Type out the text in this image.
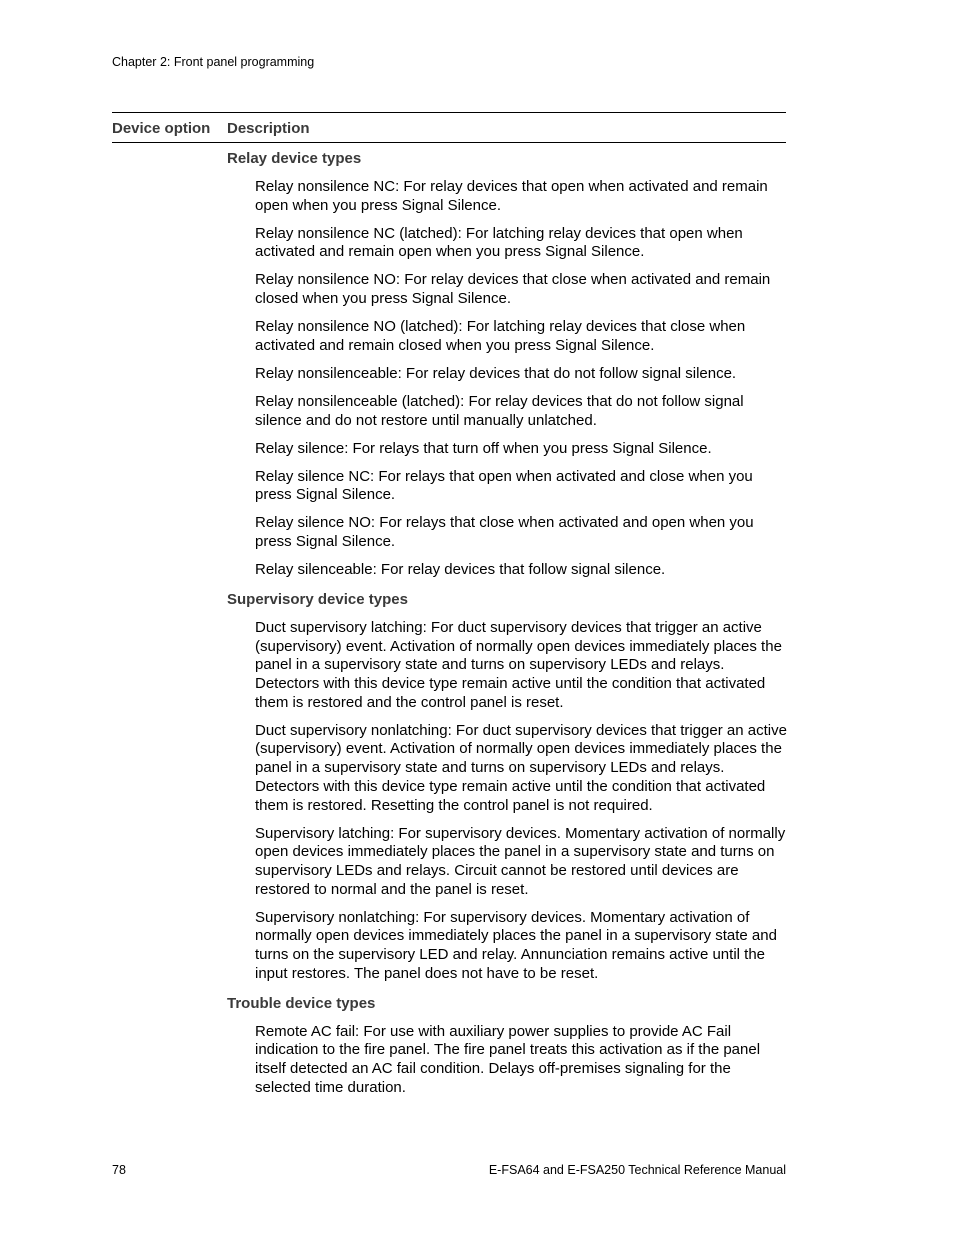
Chapter 2: Front panel programming
Device option Description
Relay device types

Relay nonsilence NC: For relay devices that open when activated and remain open when you press Signal Silence.

Relay nonsilence NC (latched): For latching relay devices that open when activated and remain open when you press Signal Silence.

Relay nonsilence NO: For relay devices that close when activated and remain closed when you press Signal Silence.

Relay nonsilence NO (latched): For latching relay devices that close when activated and remain closed when you press Signal Silence.

Relay nonsilenceable: For relay devices that do not follow signal silence.

Relay nonsilenceable (latched): For relay devices that do not follow signal silence and do not restore until manually unlatched.

Relay silence: For relays that turn off when you press Signal Silence.

Relay silence NC: For relays that open when activated and close when you press Signal Silence.

Relay silence NO: For relays that close when activated and open when you press Signal Silence.

Relay silenceable: For relay devices that follow signal silence.

Supervisory device types

Duct supervisory latching: For duct supervisory devices that trigger an active (supervisory) event. Activation of normally open devices immediately places the panel in a supervisory state and turns on supervisory LEDs and relays. Detectors with this device type remain active until the condition that activated them is restored and the control panel is reset.

Duct supervisory nonlatching: For duct supervisory devices that trigger an active (supervisory) event. Activation of normally open devices immediately places the panel in a supervisory state and turns on supervisory LEDs and relays. Detectors with this device type remain active until the condition that activated them is restored. Resetting the control panel is not required.

Supervisory latching: For supervisory devices. Momentary activation of normally open devices immediately places the panel in a supervisory state and turns on supervisory LEDs and relays. Circuit cannot be restored until devices are restored to normal and the panel is reset.

Supervisory nonlatching: For supervisory devices. Momentary activation of normally open devices immediately places the panel in a supervisory state and turns on the supervisory LED and relay. Annunciation remains active until the input restores. The panel does not have to be reset.

Trouble device types

Remote AC fail: For use with auxiliary power supplies to provide AC Fail indication to the fire panel. The fire panel treats this activation as if the panel itself detected an AC fail condition. Delays off-premises signaling for the selected time duration.

78	E-FSA64 and E-FSA250 Technical Reference Manual
